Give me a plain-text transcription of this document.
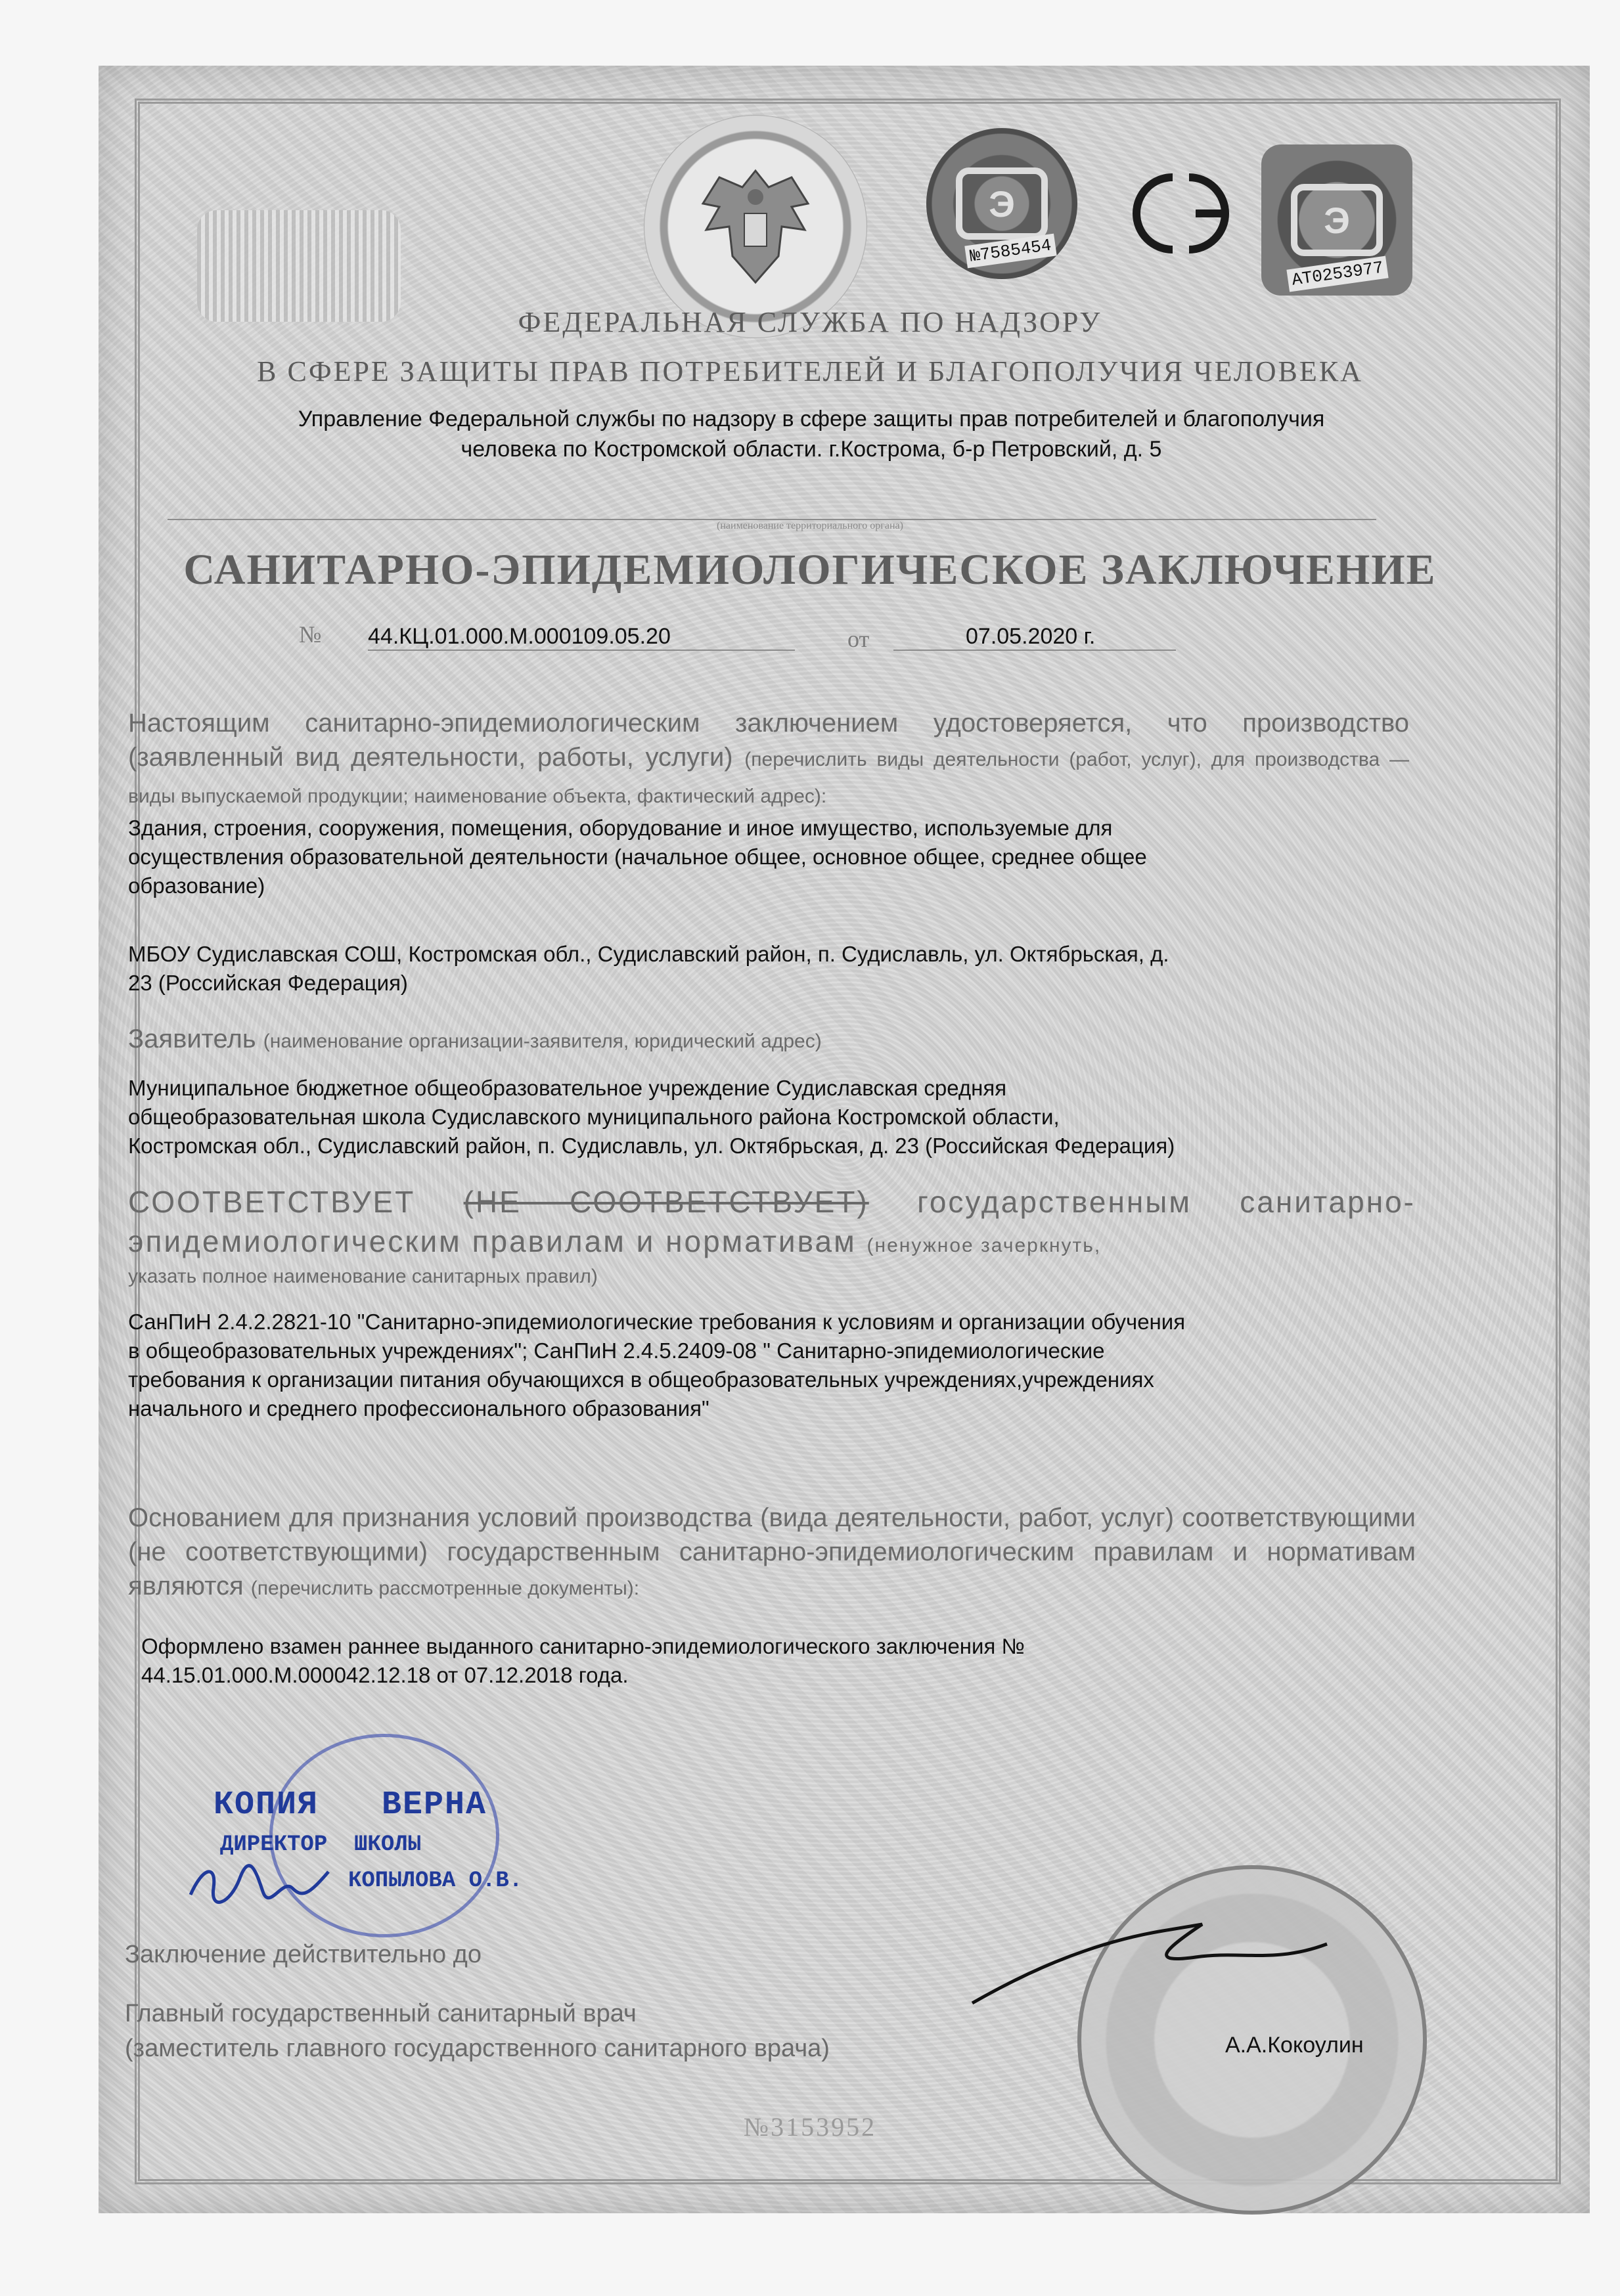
Э
№7585454
Э
AT0253977
ФЕДЕРАЛЬНАЯ СЛУЖБА ПО НАДЗОРУ
В СФЕРЕ ЗАЩИТЫ ПРАВ ПОТРЕБИТЕЛЕЙ И БЛАГОПОЛУЧИЯ ЧЕЛОВЕКА
Управление Федеральной службы по надзору в сфере защиты прав потребителей и благополучия
человека по Костромской области. г.Кострома, б-р Петровский, д. 5
(наименование территориального органа)
САНИТАРНО-ЭПИДЕМИОЛОГИЧЕСКОЕ ЗАКЛЮЧЕНИЕ
№ 44.КЦ.01.000.М.000109.05.20	от	07.05.2020 г.
Настоящим санитарно-эпидемиологическим заключением удостоверяется, что производство (заявленный вид деятельности, работы, услуги) (перечислить виды деятельности (работ, услуг), для производства — виды выпускаемой продукции; наименование объекта, фактический адрес):
Здания, строения, сооружения, помещения, оборудование и иное имущество, используемые для
осуществления образовательной деятельности (начальное общее, основное общее, среднее общее
образование)
МБОУ Судиславская СОШ, Костромская обл., Судиславский район, п. Судиславль, ул. Октябрьская, д.
23 (Российская Федерация)
Заявитель (наименование организации-заявителя, юридический адрес)
Муниципальное бюджетное общеобразовательное учреждение Судиславская средняя
общеобразовательная школа Судиславского муниципального района Костромской области,
Костромская обл., Судиславский район, п. Судиславль, ул. Октябрьская, д. 23 (Российская Федерация)
СООТВЕТСТВУЕТ (НЕ СООТВЕТСТВУЕТ) государственным санитарно- эпидемиологическим правилам и нормативам (ненужное зачеркнуть,
указать полное наименование санитарных правил)
СанПиН 2.4.2.2821-10 "Санитарно-эпидемиологические требования к условиям и организации обучения
в общеобразовательных учреждениях"; СанПиН 2.4.5.2409-08 " Санитарно-эпидемиологические
требования к организации питания обучающихся в общеобразовательных учреждениях,учреждениях
начального и среднего профессионального образования"
Основанием для признания условий производства (вида деятельности, работ, услуг) соответствующими (не соответствующими) государственным санитарно-эпидемиологическим правилам и нормативам являются (перечислить рассмотренные документы):
Оформлено взамен раннее выданного санитарно-эпидемиологического заключения №
44.15.01.000.М.000042.12.18 от 07.12.2018 года.
КОПИЯ   ВЕРНА
ДИРЕКТОР  ШКОЛЫ
КОПЫЛОВА О.В.
Заключение действительно до
Главный государственный санитарный врач
(заместитель главного государственного санитарного врача)	А.А.Кокоулин
№3153952
